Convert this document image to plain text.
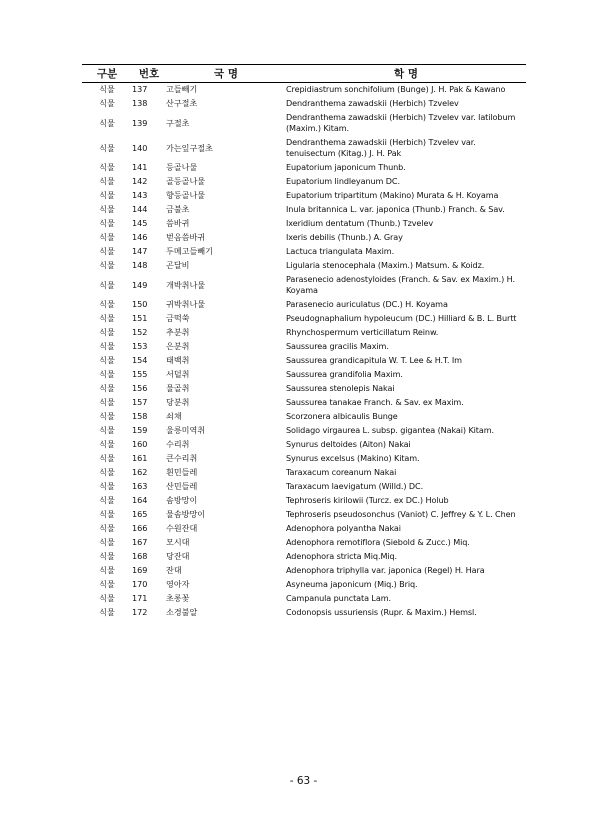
구분	번호	국 명	학 명
식물	137	고들빼기	Crepidiastrum sonchifolium (Bunge) J. H. Pak & Kawano
식물	138	산구절초	Dendranthema zawadskii (Herbich) Tzvelev
식물	139	구절초	Dendranthema zawadskii (Herbich) Tzvelev var. latilobum (Maxim.) Kitam.
식물	140	가는잎구절초	Dendranthema zawadskii (Herbich) Tzvelev var. tenuisectum (Kitag.) J. H. Pak
식물	141	등골나물	Eupatorium japonicum Thunb.
식물	142	골등골나물	Eupatorium lindleyanum DC.
식물	143	향등골나물	Eupatorium tripartitum (Makino) Murata & H. Koyama
식물	144	금불초	Inula britannica L. var. japonica (Thunb.) Franch. & Sav.
식물	145	씀바귀	Ixeridium dentatum (Thunb.) Tzvelev
식물	146	벋음씀바귀	Ixeris debilis (Thunb.) A. Gray
식물	147	두메고들빼기	Lactuca triangulata Maxim.
식물	148	곤달비	Ligularia stenocephala (Maxim.) Matsum. & Koidz.
식물	149	개박취나물	Parasenecio adenostyloides (Franch. & Sav. ex Maxim.) H. Koyama
식물	150	귀박취나물	Parasenecio auriculatus (DC.) H. Koyama
식물	151	금떡쑥	Pseudognaphalium hypoleucum (DC.) Hilliard & B. L. Burtt
식물	152	추분취	Rhynchospermum verticillatum Reinw.
식물	153	은분취	Saussurea gracilis Maxim.
식물	154	태백취	Saussurea grandicapitula W. T. Lee & H.T. Im
식물	155	서덜취	Saussurea grandifolia Maxim.
식물	156	물골취	Saussurea stenolepis Nakai
식물	157	당분취	Saussurea tanakae Franch. & Sav. ex Maxim.
식물	158	쇠채	Scorzonera albicaulis Bunge
식물	159	울릉미역취	Solidago virgaurea L. subsp. gigantea (Nakai) Kitam.
식물	160	수리취	Synurus deltoides (Aiton) Nakai
식물	161	큰수리취	Synurus excelsus (Makino) Kitam.
식물	162	흰민들레	Taraxacum coreanum Nakai
식물	163	산민들레	Taraxacum laevigatum (Willd.) DC.
식물	164	솜방망이	Tephroseris kirilowii (Turcz. ex DC.) Holub
식물	165	물솜방망이	Tephroseris pseudosonchus (Vaniot) C. Jeffrey & Y. L. Chen
식물	166	수원잔대	Adenophora polyantha Nakai
식물	167	모시대	Adenophora remotiflora (Siebold & Zucc.) Miq.
식물	168	당잔대	Adenophora stricta Miq.Miq.
식물	169	잔대	Adenophora triphylla var. japonica (Regel) H. Hara
식물	170	영아자	Asyneuma japonicum (Miq.) Briq.
식물	171	초롱꽃	Campanula punctata Lam.
식물	172	소경불알	Codonopsis ussuriensis (Rupr. & Maxim.) Hemsl.
- 63 -
